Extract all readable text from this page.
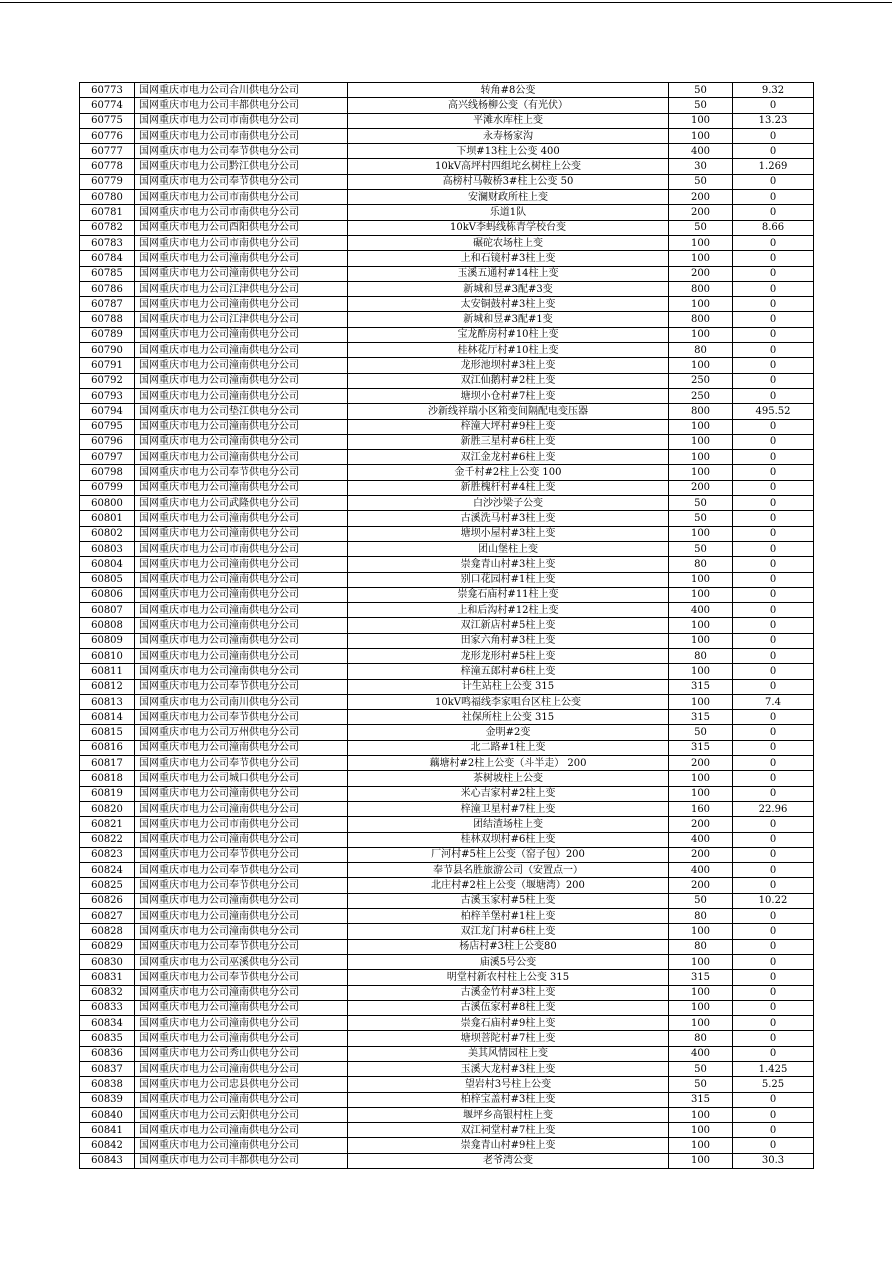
60773	国网重庆市电力公司合川供电分公司	转角#8公变	50	9.32
60774	国网重庆市电力公司丰都供电分公司	高兴线杨柳公变（有光伏）	50	0
60775	国网重庆市电力公司市南供电分公司	平滩水库柱上变	100	13.23
60776	国网重庆市电力公司市南供电分公司	永寿杨家沟	100	0
60777	国网重庆市电力公司奉节供电分公司	下坝#13柱上公变 400	400	0
60778	国网重庆市电力公司黔江供电分公司	10kV高坪村四组坨幺树柱上公变	30	1.269
60779	国网重庆市电力公司奉节供电分公司	高榜村马鞍桥3#柱上公变 50	50	0
60780	国网重庆市电力公司市南供电分公司	安澜财政所柱上变	200	0
60781	国网重庆市电力公司市南供电分公司	乐道1队	200	0
60782	国网重庆市电力公司酉阳供电分公司	10kV李蚂线栋青学校台变	50	8.66
60783	国网重庆市电力公司市南供电分公司	碾砣农场柱上变	100	0
60784	国网重庆市电力公司潼南供电分公司	上和石镜村#3柱上变	100	0
60785	国网重庆市电力公司潼南供电分公司	玉溪五通村#14柱上变	200	0
60786	国网重庆市电力公司江津供电分公司	新城和昱#3配#3变	800	0
60787	国网重庆市电力公司潼南供电分公司	太安铜鼓村#3柱上变	100	0
60788	国网重庆市电力公司江津供电分公司	新城和昱#3配#1变	800	0
60789	国网重庆市电力公司潼南供电分公司	宝龙酢房村#10柱上变	100	0
60790	国网重庆市电力公司潼南供电分公司	桂林花厅村#10柱上变	80	0
60791	国网重庆市电力公司潼南供电分公司	龙形池坝村#3柱上变	100	0
60792	国网重庆市电力公司潼南供电分公司	双江仙鹅村#2柱上变	250	0
60793	国网重庆市电力公司潼南供电分公司	塘坝小仓村#7柱上变	250	0
60794	国网重庆市电力公司垫江供电分公司	沙新线祥瑞小区箱变间隔配电变压器	800	495.52
60795	国网重庆市电力公司潼南供电分公司	梓潼大坪村#9柱上变	100	0
60796	国网重庆市电力公司潼南供电分公司	新胜三星村#6柱上变	100	0
60797	国网重庆市电力公司潼南供电分公司	双江金龙村#6柱上变	100	0
60798	国网重庆市电力公司奉节供电分公司	金千村#2柱上公变 100	100	0
60799	国网重庆市电力公司潼南供电分公司	新胜槐杆村#4柱上变	200	0
60800	国网重庆市电力公司武隆供电分公司	白沙沙梁子公变	50	0
60801	国网重庆市电力公司潼南供电分公司	古溪洗马村#3柱上变	50	0
60802	国网重庆市电力公司潼南供电分公司	塘坝小屋村#3柱上变	100	0
60803	国网重庆市电力公司市南供电分公司	团山堡柱上变	50	0
60804	国网重庆市电力公司潼南供电分公司	崇龛青山村#3柱上变	80	0
60805	国网重庆市电力公司潼南供电分公司	别口花园村#1柱上变	100	0
60806	国网重庆市电力公司潼南供电分公司	崇龛石庙村#11柱上变	100	0
60807	国网重庆市电力公司潼南供电分公司	上和后沟村#12柱上变	400	0
60808	国网重庆市电力公司潼南供电分公司	双江新店村#5柱上变	100	0
60809	国网重庆市电力公司潼南供电分公司	田家六角村#3柱上变	100	0
60810	国网重庆市电力公司潼南供电分公司	龙形龙形村#5柱上变	80	0
60811	国网重庆市电力公司潼南供电分公司	梓潼五郎村#6柱上变	100	0
60812	国网重庆市电力公司奉节供电分公司	计生站柱上公变 315	315	0
60813	国网重庆市电力公司南川供电分公司	10kV鸣福线李家咀台区柱上公变	100	7.4
60814	国网重庆市电力公司奉节供电分公司	社保所柱上公变 315	315	0
60815	国网重庆市电力公司万州供电分公司	金明#2变	50	0
60816	国网重庆市电力公司潼南供电分公司	北二路#1柱上变	315	0
60817	国网重庆市电力公司奉节供电分公司	藕塘村#2柱上公变（斗半走） 200	200	0
60818	国网重庆市电力公司城口供电分公司	茶树坡柱上公变	100	0
60819	国网重庆市电力公司潼南供电分公司	米心吉家村#2柱上变	100	0
60820	国网重庆市电力公司潼南供电分公司	梓潼卫星村#7柱上变	160	22.96
60821	国网重庆市电力公司市南供电分公司	团结渣场柱上变	200	0
60822	国网重庆市电力公司潼南供电分公司	桂林双坝村#6柱上变	400	0
60823	国网重庆市电力公司奉节供电分公司	厂河村#5柱上公变（窑子包）200	200	0
60824	国网重庆市电力公司奉节供电分公司	奉节县名胜旅游公司（安置点一）	400	0
60825	国网重庆市电力公司奉节供电分公司	北庄村#2柱上公变（堰塘湾）200	200	0
60826	国网重庆市电力公司潼南供电分公司	古溪玉家村#5柱上变	50	10.22
60827	国网重庆市电力公司潼南供电分公司	柏梓羊堡村#1柱上变	80	0
60828	国网重庆市电力公司潼南供电分公司	双江龙门村#6柱上变	100	0
60829	国网重庆市电力公司奉节供电分公司	杨店村#3柱上公变80	80	0
60830	国网重庆市电力公司巫溪供电分公司	庙溪5号公变	100	0
60831	国网重庆市电力公司奉节供电分公司	明堂村新农村柱上公变 315	315	0
60832	国网重庆市电力公司潼南供电分公司	古溪金竹村#3柱上变	100	0
60833	国网重庆市电力公司潼南供电分公司	古溪伍家村#8柱上变	100	0
60834	国网重庆市电力公司潼南供电分公司	崇龛石庙村#9柱上变	100	0
60835	国网重庆市电力公司潼南供电分公司	塘坝菩陀村#7柱上变	80	0
60836	国网重庆市电力公司秀山供电分公司	美其风情园柱上变	400	0
60837	国网重庆市电力公司潼南供电分公司	玉溪大龙村#3柱上变	50	1.425
60838	国网重庆市电力公司忠县供电分公司	望岩村3号柱上公变	50	5.25
60839	国网重庆市电力公司潼南供电分公司	柏梓宝盖村#3柱上变	315	0
60840	国网重庆市电力公司云阳供电分公司	堰坪乡高银村柱上变	100	0
60841	国网重庆市电力公司潼南供电分公司	双江祠堂村#7柱上变	100	0
60842	国网重庆市电力公司潼南供电分公司	崇龛青山村#9柱上变	100	0
60843	国网重庆市电力公司丰都供电分公司	老爷湾公变	100	30.3
